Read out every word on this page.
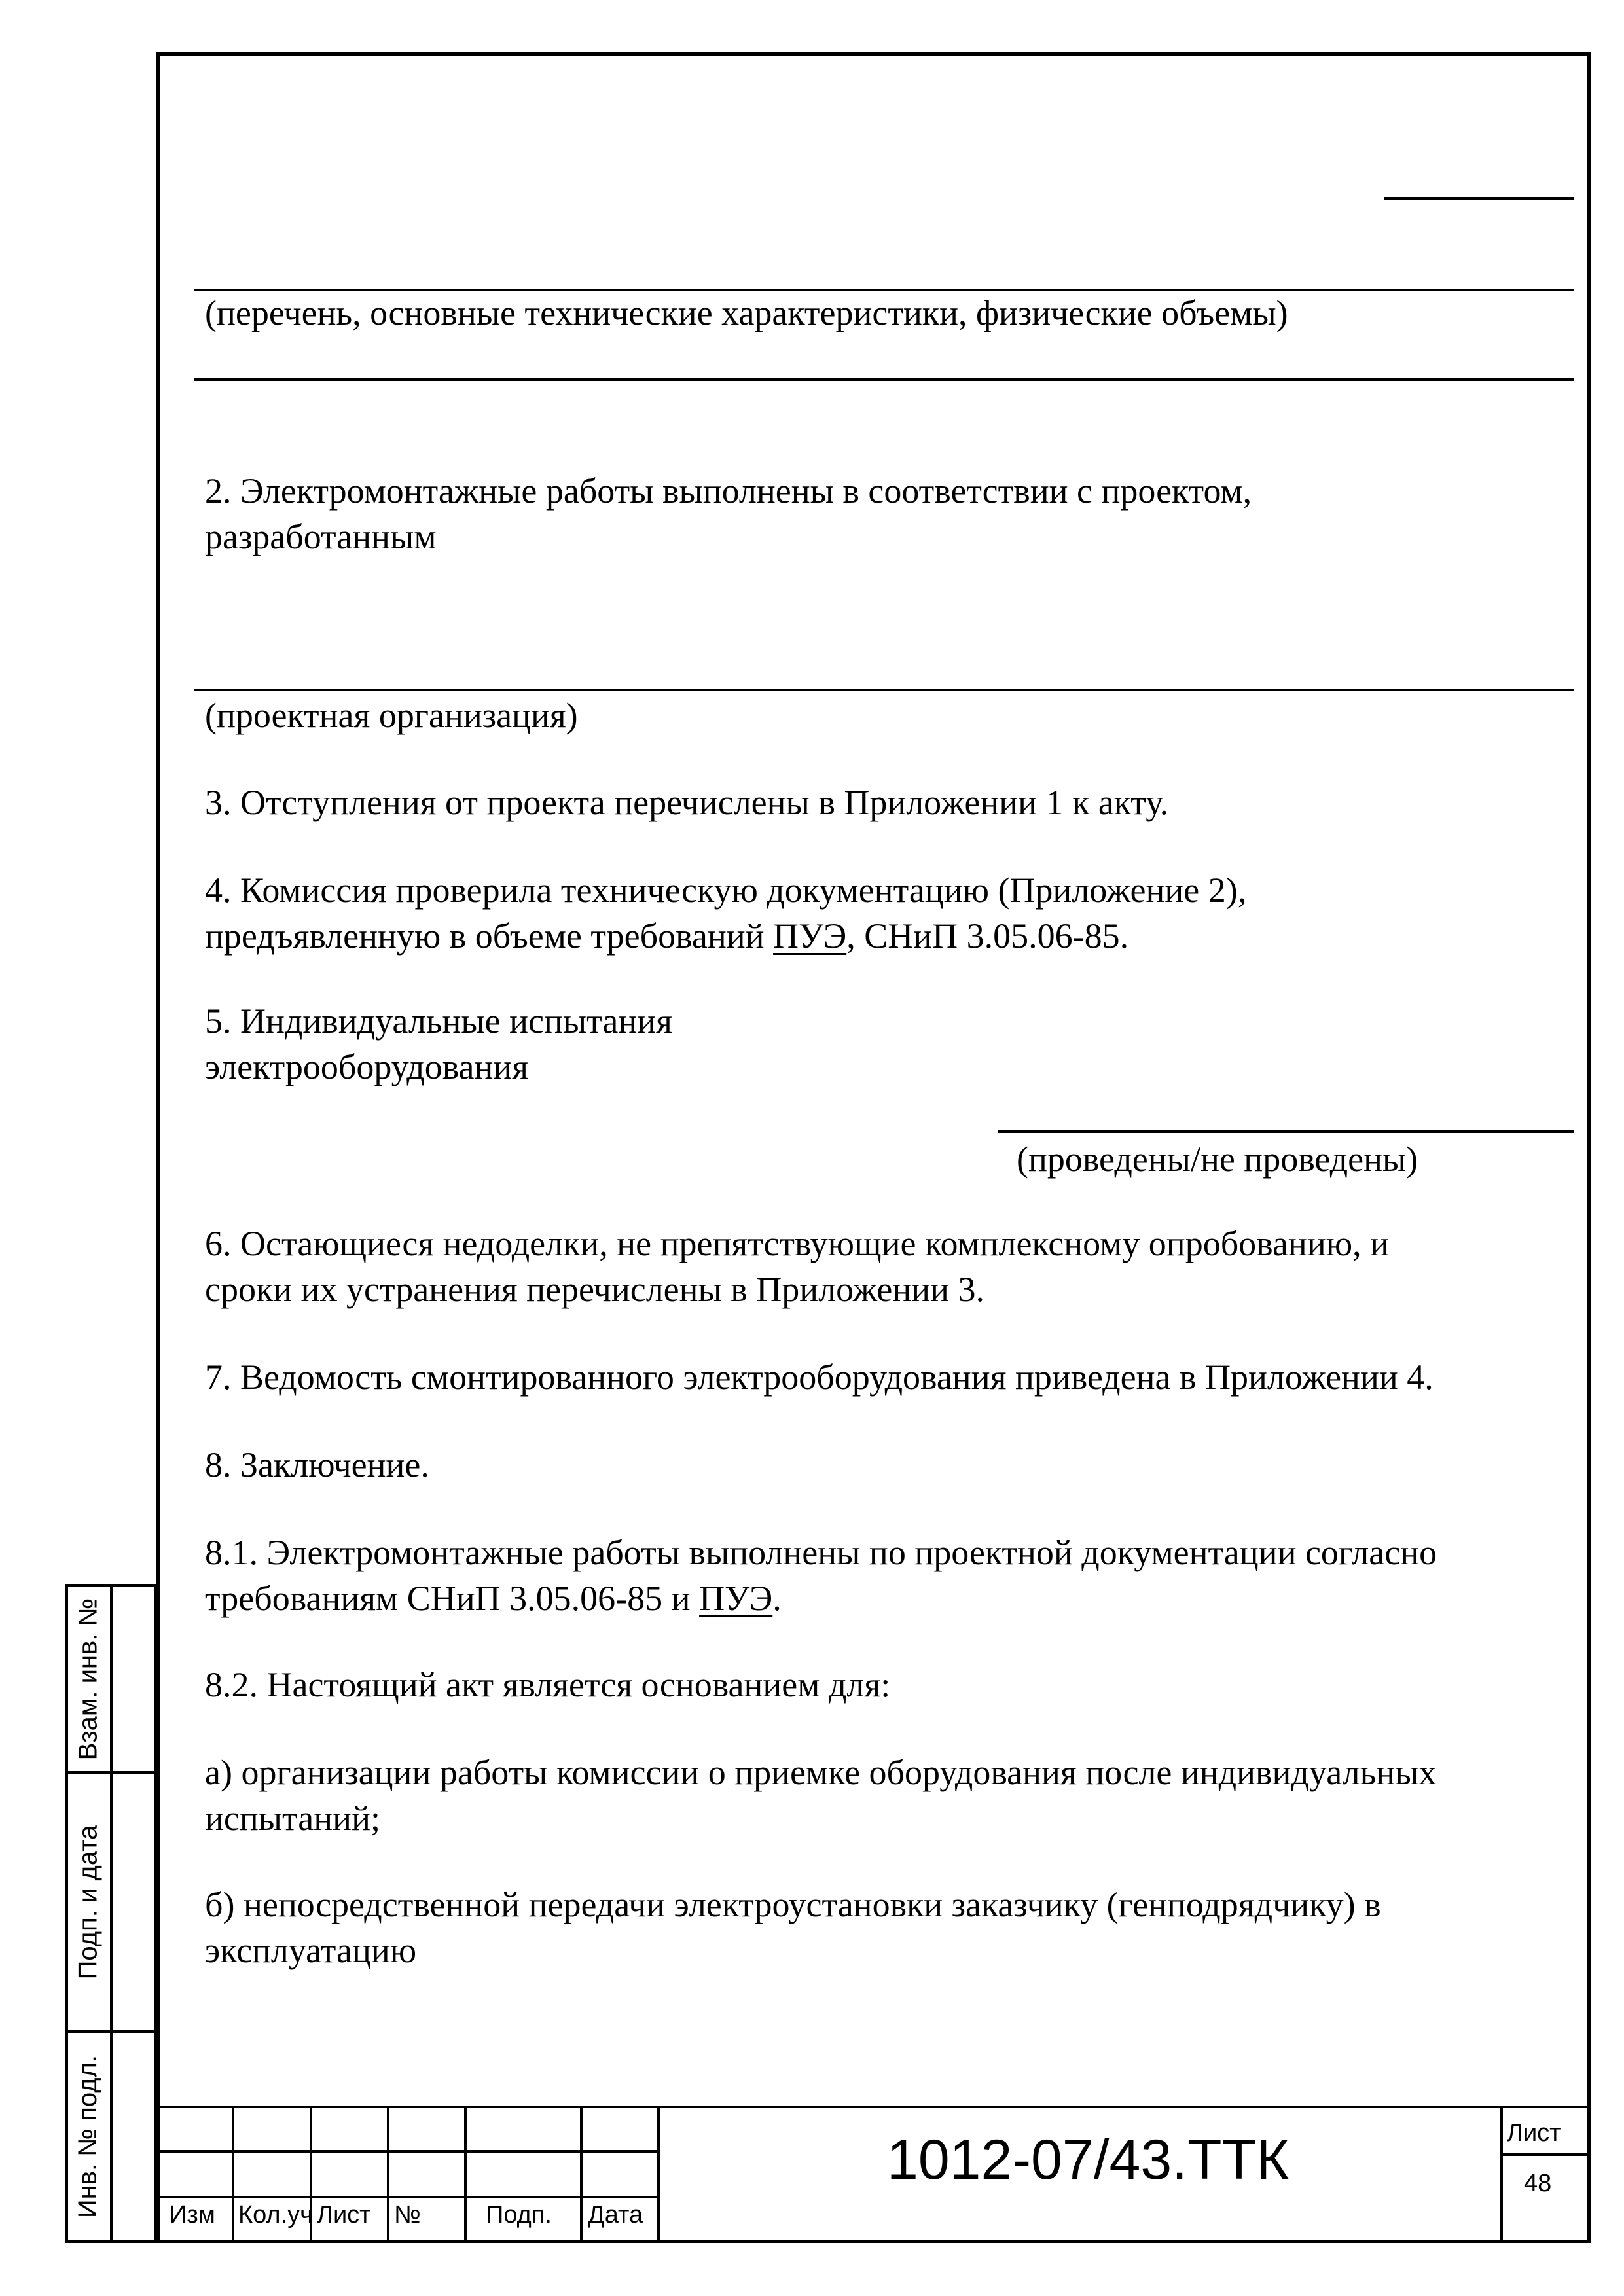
(перечень, основные технические характеристики, физические объемы)
2. Электромонтажные работы выполнены в соответствии с проектом,
разработанным
(проектная организация)
3. Отступления от проекта перечислены в Приложении 1 к акту.
4. Комиссия проверила техническую документацию (Приложение 2),
предъявленную в объеме требований ПУЭ, СНиП 3.05.06-85.
5. Индивидуальные испытания
электрооборудования
(проведены/не проведены)
6. Остающиеся недоделки, не препятствующие комплексному опробованию, и
сроки их устранения перечислены в Приложении 3.
7. Ведомость смонтированного электрооборудования приведена в Приложении 4.
8. Заключение.
8.1. Электромонтажные работы выполнены по проектной документации согласно
требованиям СНиП 3.05.06-85 и ПУЭ.
8.2. Настоящий акт является основанием для:
а) организации работы комиссии о приемке оборудования после индивидуальных
испытаний;
б) непосредственной передачи электроустановки заказчику (генподрядчику) в
эксплуатацию
Взам. инв. №
Подп. и дата
Инв. № подл.	Изм Кол.уч Лист №	Подп. Дата
1012-07/43.ТТК	Лист
48
